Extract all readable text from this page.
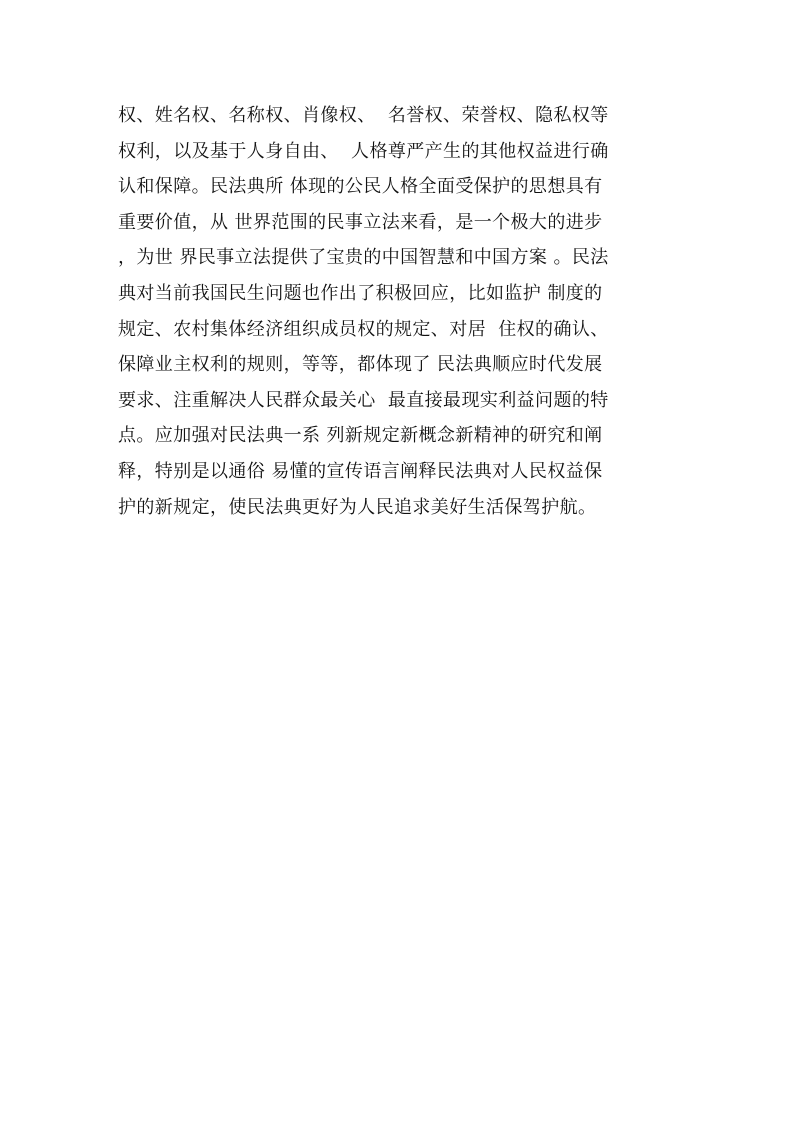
权、姓名权、名称权、肖像权、  名誉权、荣誉权、隐私权等
权利，以及基于人身自由、  人格尊严产生的其他权益进行确
认和保障。民法典所 体现的公民人格全面受保护的思想具有
重要价值，从 世界范围的民事立法来看，是一个极大的进步
，为世 界民事立法提供了宝贵的中国智慧和中国方案 。民法
典对当前我国民生问题也作出了积极回应，比如监护 制度的
规定、农村集体经济组织成员权的规定、对居  住权的确认、
保障业主权利的规则，等等，都体现了 民法典顺应时代发展
要求、注重解决人民群众最关心  最直接最现实利益问题的特
点。应加强对民法典一系 列新规定新概念新精神的研究和阐
释，特别是以通俗 易懂的宣传语言阐释民法典对人民权益保
护的新规定，使民法典更好为人民追求美好生活保驾护航。
